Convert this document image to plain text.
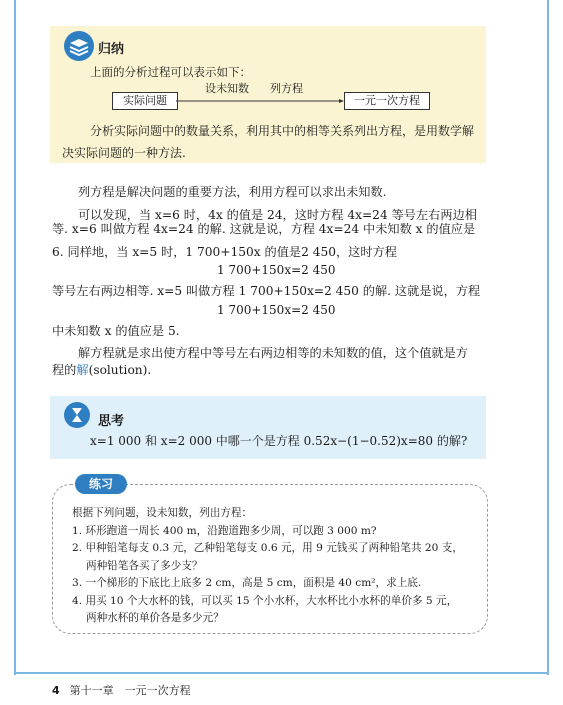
归纳
上面的分析过程可以表示如下：
实际问题
设未知数 列方程
一元一次方程
分析实际问题中的数量关系，利用其中的相等关系列出方程，是用数学解决实际问题的一种方法.
列方程是解决问题的重要方法，利用方程可以求出未知数.
可以发现，当 x=6 时，4x 的值是 24，这时方程 4x=24 等号左右两边相
等. x=6 叫做方程 4x=24 的解. 这就是说，方程 4x=24 中未知数 x 的值应是
6. 同样地，当 x=5 时，1 700+150x 的值是2 450，这时方程
1 700+150x=2 450
等号左右两边相等. x=5 叫做方程 1 700+150x=2 450 的解. 这就是说，方程
1 700+150x=2 450
中未知数 x 的值应是 5.
解方程就是求出使方程中等号左右两边相等的未知数的值，这个值就是方
程的解(solution).
思考
x=1 000 和 x=2 000 中哪一个是方程 0.52x−(1−0.52)x=80 的解?
练习
根据下列问题，设未知数，列出方程：
1. 环形跑道一周长 400 m，沿跑道跑多少周，可以跑 3 000 m?
2. 甲种铅笔每支 0.3 元，乙种铅笔每支 0.6 元，用 9 元钱买了两种铅笔共 20 支，
两种铅笔各买了多少支？
3. 一个梯形的下底比上底多 2 cm，高是 5 cm，面积是 40 cm²，求上底.
4. 用买 10 个大水杯的钱，可以买 15 个小水杯，大水杯比小水杯的单价多 5 元，
两种水杯的单价各是多少元？
4 第十一章　一元一次方程
